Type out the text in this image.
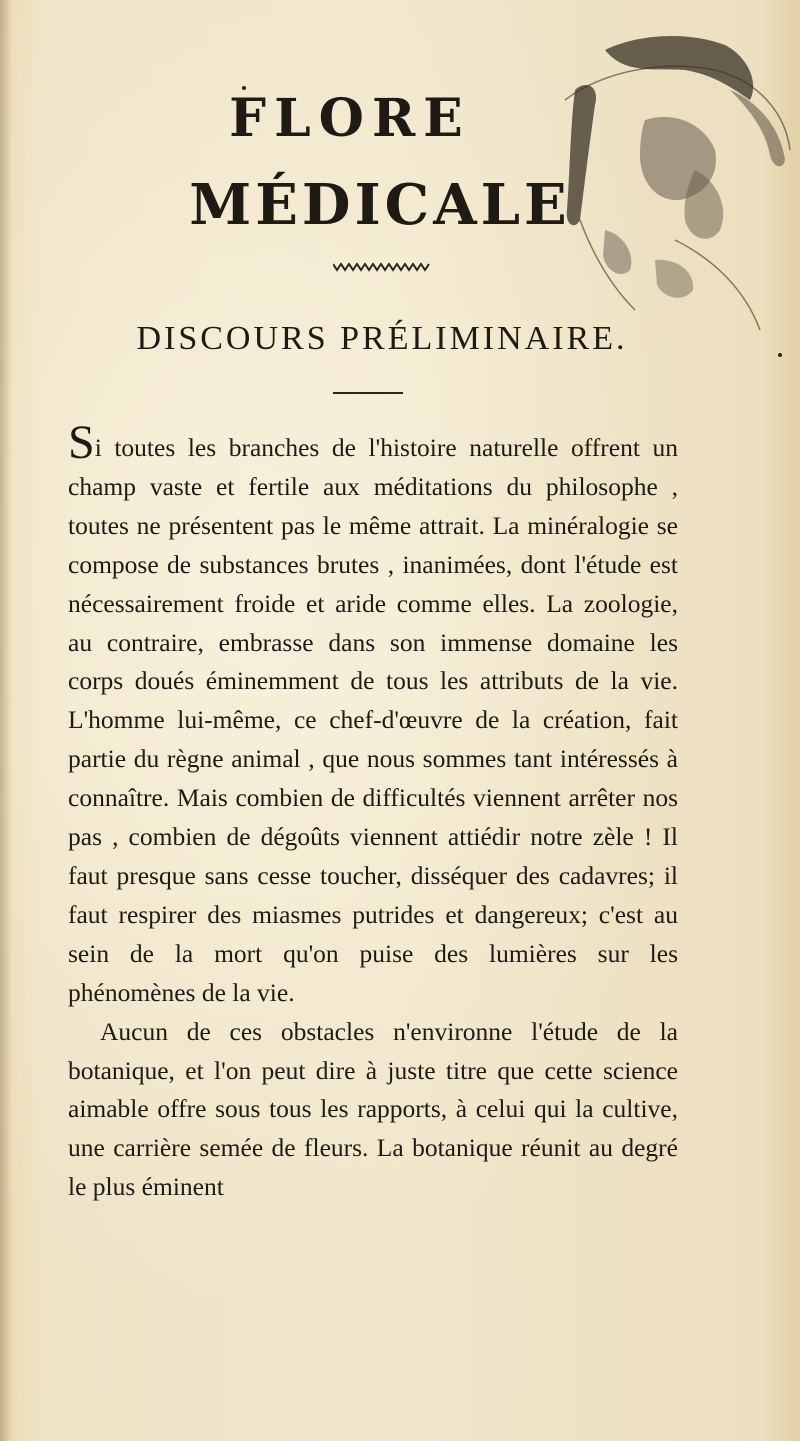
FLORE
MÉDICALE
DISCOURS PRÉLIMINAIRE.

Si toutes les branches de l'histoire naturelle offrent un champ vaste et fertile aux méditations du philosophe , toutes ne présentent pas le même attrait. La minéralogie se compose de substances brutes , inanimées, dont l'étude est nécessairement froide et aride comme elles. La zoologie, au contraire, embrasse dans son immense domaine les corps doués éminemment de tous les attributs de la vie. L'homme lui-même, ce chef-d'œuvre de la création, fait partie du règne animal , que nous sommes tant intéressés à connaître. Mais combien de difficultés viennent arrêter nos pas , combien de dégoûts viennent attiédir notre zèle ! Il faut presque sans cesse toucher, disséquer des cadavres; il faut respirer des miasmes putrides et dangereux; c'est au sein de la mort qu'on puise des lumières sur les phénomènes de la vie.

Aucun de ces obstacles n'environne l'étude de la botanique, et l'on peut dire à juste titre que cette science aimable offre sous tous les rapports, à celui qui la cultive, une carrière semée de fleurs. La botanique réunit au degré le plus éminent
